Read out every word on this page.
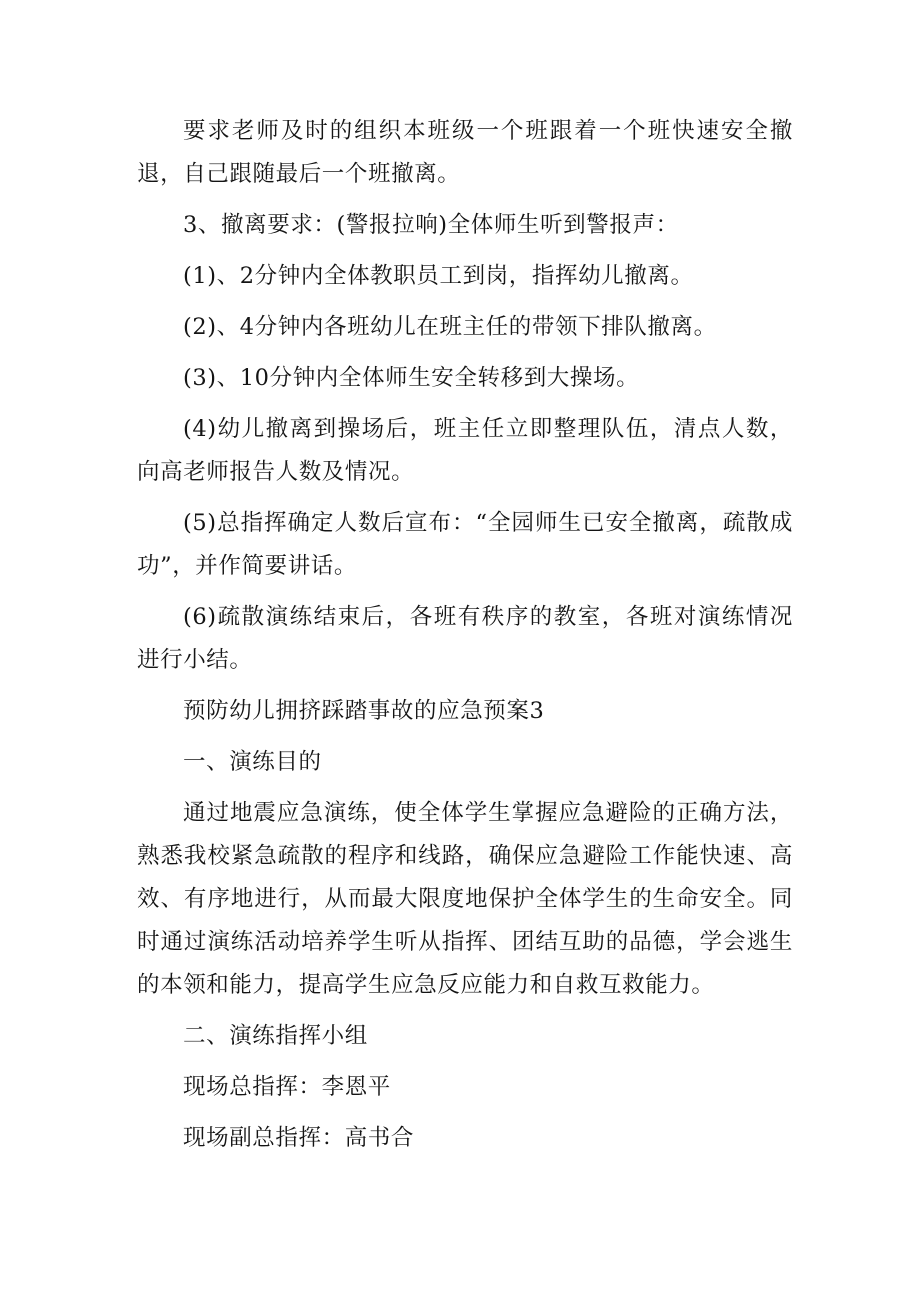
要求老师及时的组织本班级一个班跟着一个班快速安全撤退，自己跟随最后一个班撤离。

3、撤离要求：(警报拉响)全体师生听到警报声：

(1)、2分钟内全体教职员工到岗，指挥幼儿撤离。

(2)、4分钟内各班幼儿在班主任的带领下排队撤离。

(3)、10分钟内全体师生安全转移到大操场。

(4)幼儿撤离到操场后，班主任立即整理队伍，清点人数，向高老师报告人数及情况。

(5)总指挥确定人数后宣布：“全园师生已安全撤离，疏散成功”，并作简要讲话。

(6)疏散演练结束后，各班有秩序的教室，各班对演练情况进行小结。

预防幼儿拥挤踩踏事故的应急预案3

一、演练目的

通过地震应急演练，使全体学生掌握应急避险的正确方法，熟悉我校紧急疏散的程序和线路，确保应急避险工作能快速、高效、有序地进行，从而最大限度地保护全体学生的生命安全。同时通过演练活动培养学生听从指挥、团结互助的品德，学会逃生的本领和能力，提高学生应急反应能力和自救互救能力。

二、演练指挥小组

现场总指挥：李恩平

现场副总指挥：高书合
